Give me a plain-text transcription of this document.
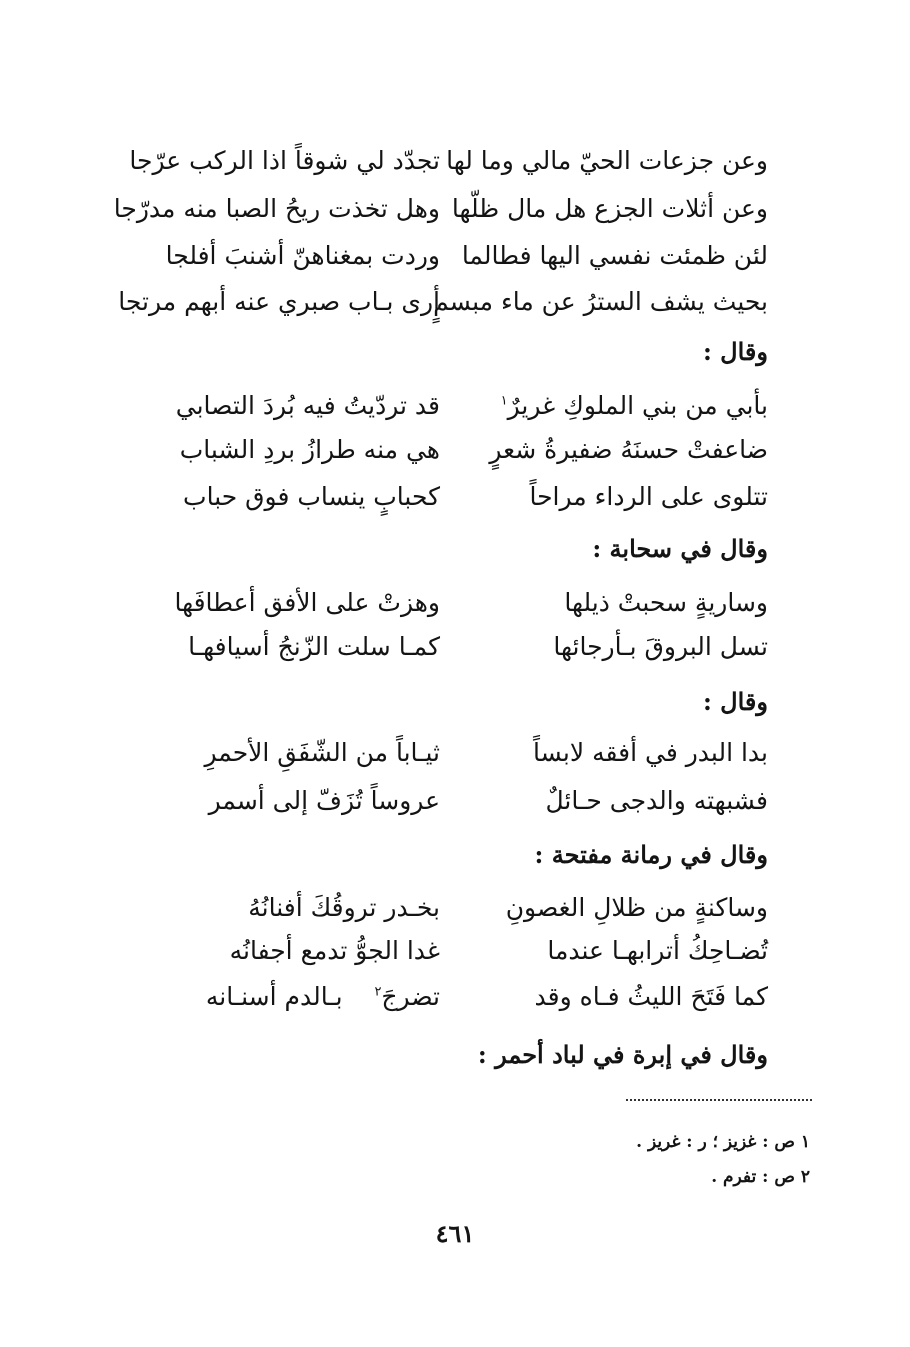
وعن جزعات الحيّ مالي وما لها
تجدّد لي شوقاً اذا الركب عرّجا
وعن أثلات الجزع هل مال ظلّها
وهل تخذت ريحُ الصبا منه مدرّجا
لئن ظمئت نفسي اليها فطالما
وردت بمغناهنّ أشنبَ أفلجا
بحيث يشف السترُ عن ماء مبسمٍ
أرى بـاب صبري عنه أبهم مرتجا
وقال :
بأبي من بني الملوكِ غريرٌ$^١$
قد تردّيتُ فيه بُردَ التصابي
ضاعفتْ حسنَهُ ضفيرةُ شعرٍ
هي منه طرازُ بردِ الشباب
تتلوى على الرداء مراحاً
كحبابٍ ينساب فوق حباب
وقال في سحابة :
وساريةٍ سحبتْ ذيلها
وهزتْ على الأفق أعطافَها
تسل البروقَ بـأرجائها
كمـا سلت الزّنجُ أسيافهـا
وقال :
بدا البدر في أفقه لابساً
ثيـاباً من الشّفَقِ الأحمرِ
فشبهته والدجى حـائلٌ
عروساً تُزَفّ إلى أسمر
وقال في رمانة مفتحة :
وساكنةٍ من ظلالِ الغصونِ
بخـدر تروقُكَ أفنانُهُ
تُضـاحِكُ أترابهـا عندما
غدا الجوُّ تدمع أجفانُه
كما فَتَحَ الليثُ فـاه وقد
تضرجَ$^٢$    بـالدم أسنـانه
وقال في إبرة في لباد أحمر :
١ ص : غزيز ؛ ر : غريز .
٢ ص : تفرم .
٤٦١
